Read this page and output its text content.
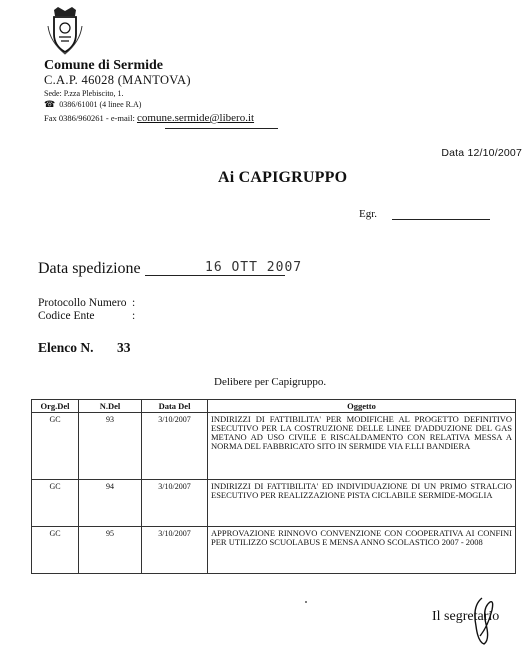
Comune di Sermide
C.A.P. 46028 (MANTOVA)
Sede: P.zza Plebiscito, 1.
☎ 0386/61001 (4 linee R.A)
Fax 0386/960261 - e-mail: comune.sermide@libero.it
Data 12/10/2007
Ai CAPIGRUPPO
Egr.
Data spedizione	16 OTT 2007
Protocollo Numero :
Codice Ente	:
Elenco N. 33
Delibere per Capigruppo.
Org.Del	N.Del	Data Del	Oggetto
GC	93	3/10/2007	INDIRIZZI DI FATTIBILITA' PER MODIFICHE AL PROGETTO DEFINITIVO ESECUTIVO PER LA COSTRUZIONE DELLE LINEE D'ADDUZIONE DEL GAS METANO AD USO CIVILE E RISCALDAMENTO CON RELATIVA MESSA A NORMA DEL FABBRICATO SITO IN SERMIDE VIA F.LLI BANDIERA
GC	94	3/10/2007	INDIRIZZI DI FATTIBILITA' ED INDIVIDUAZIONE DI UN PRIMO STRALCIO ESECUTIVO PER REALIZZAZIONE PISTA CICLABILE SERMIDE-MOGLIA
GC	95	3/10/2007	APPROVAZIONE RINNOVO CONVENZIONE CON COOPERATIVA AI CONFINI PER UTILIZZO SCUOLABUS E MENSA ANNO SCOLASTICO 2007 - 2008
Il segretario
